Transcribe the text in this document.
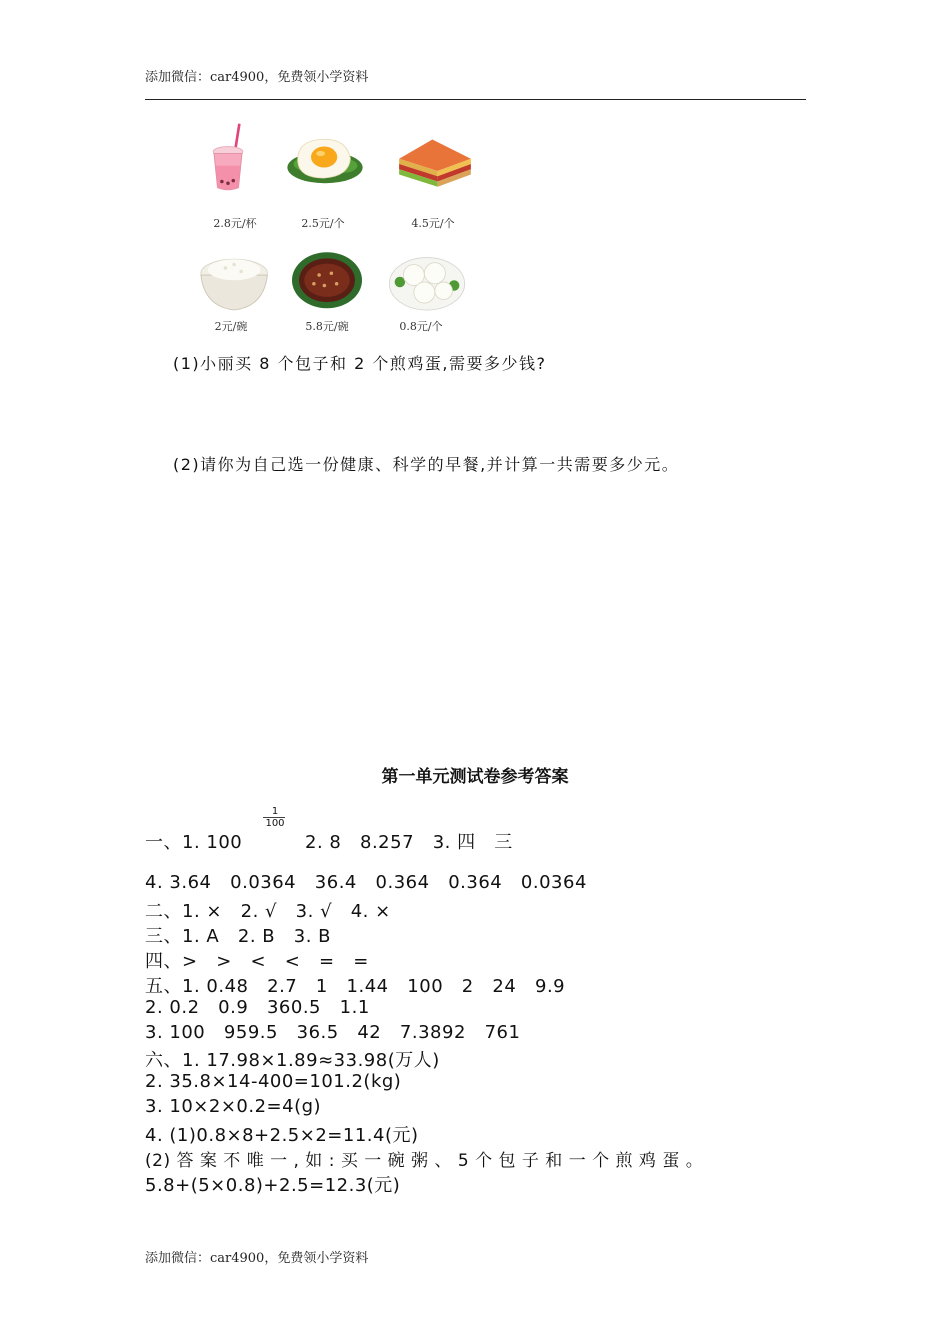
添加微信：car4900，免费领小学资料
2.8元/杯	2.5元/个	4.5元/个
2元/碗	5.8元/碗	0.8元/个
(1)小丽买 8 个包子和 2 个煎鸡蛋,需要多少钱?
(2)请你为自己选一份健康、科学的早餐,并计算一共需要多少元。
第一单元测试卷参考答案
一、1. 100
1
100
2. 8   8.257   3. 四   三
4. 3.64   0.0364   36.4   0.364   0.364   0.0364
二、1. ×   2. √   3. √   4. ×
三、1. A   2. B   3. B
四、>   >   <   <   =   =
五、1. 0.48   2.7   1   1.44   100   2   24   9.9
2. 0.2   0.9   360.5   1.1
3. 100   959.5   36.5   42   7.3892   761
六、1. 17.98×1.89≈33.98(万人)
2. 35.8×14-400=101.2(kg)
3. 10×2×0.2=4(g)
4. (1)0.8×8+2.5×2=11.4(元)
(2) 答 案 不 唯 一 , 如 : 买 一 碗 粥 、 5 个 包 子 和 一 个 煎 鸡 蛋 。
5.8+(5×0.8)+2.5=12.3(元)
添加微信：car4900，免费领小学资料
